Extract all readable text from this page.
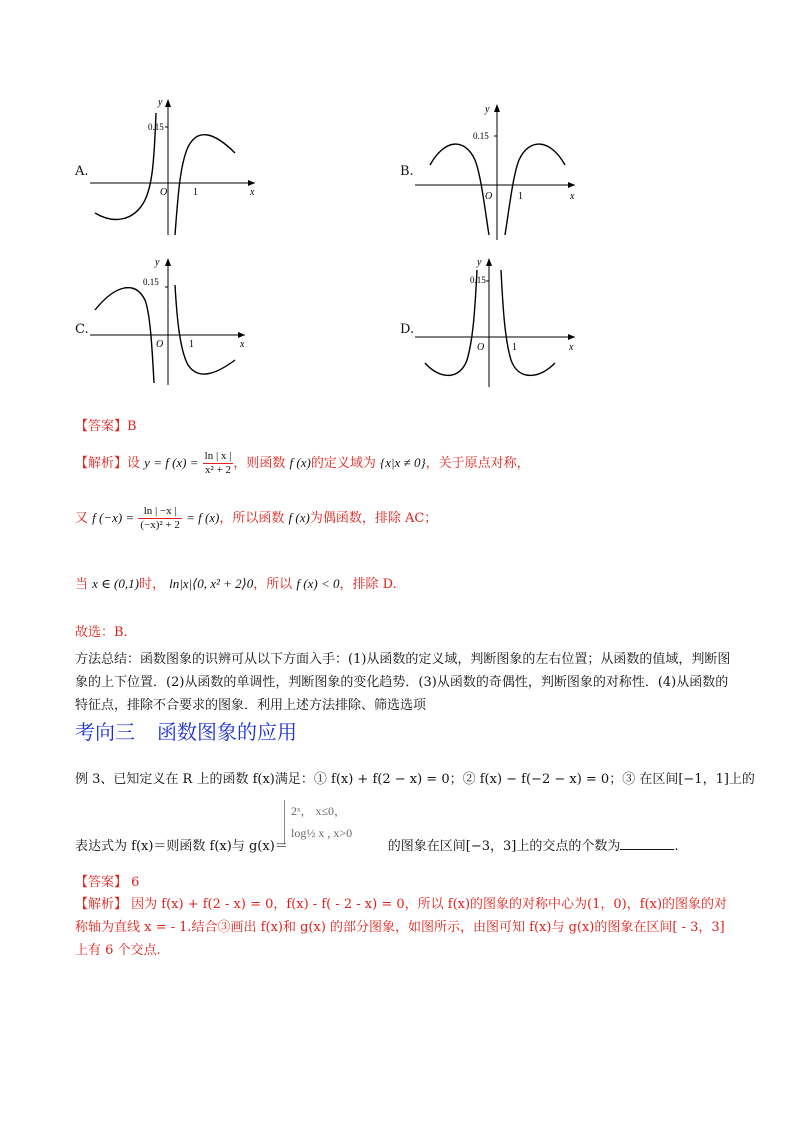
A.
0.15
y
x
O	1
B.
0.15
y
x
O	1
C.
0.15
y
x
O	1
D.
0.15
y
x
O	1
【答案】B
【解析】设 y = f $(x) = \frac{\ln | x |}{\text{x² + 2}}$ ，则函数 f (x)的定义域为 {x|x ≠ 0}，关于原点对称，
又 f $(-x) = \frac{\ln | -x |}{\text{(−x)² + 2}} = f$ (x)，所以函数 f (x)为偶函数，排除 AC；
当 x ∈ (0,1)时， ln|x|⟨0, x² + 2⟩0，所以 f (x) < 0，排除 D.
故选：B.
方法总结：函数图象的识辨可从以下方面入手：(1)从函数的定义域，判断图象的左右位置；从函数的值域，判断图象的上下位置．(2)从函数的单调性，判断图象的变化趋势．(3)从函数的奇偶性，判断图象的对称性．(4)从函数的特征点，排除不合要求的图象．利用上述方法排除、筛选选项
考向三 函数图象的应用
例 3、已知定义在 R 上的函数 f(x)满足：① f(x) + f(2 − x) = 0；② f(x) − f(−2 − x) = 0；③ 在区间[−1，1]上的
2ˣ， x≤0，
log½ x , x>0
表达式为 f(x)＝则函数 f(x)与 g(x)＝	的图象在区间[−3，3]上的交点的个数为	.
【答案】 6
【解析】 因为 f(x) + f(2 - x) = 0，f(x) - f( - 2 - x) = 0，所以 f(x)的图象的对称中心为(1，0)，f(x)的图象的对称轴为直线 x = - 1.结合③画出 f(x)和 g(x) 的部分图象，如图所示，由图可知 f(x)与 g(x)的图象在区间[ - 3，3]上有 6 个交点.
